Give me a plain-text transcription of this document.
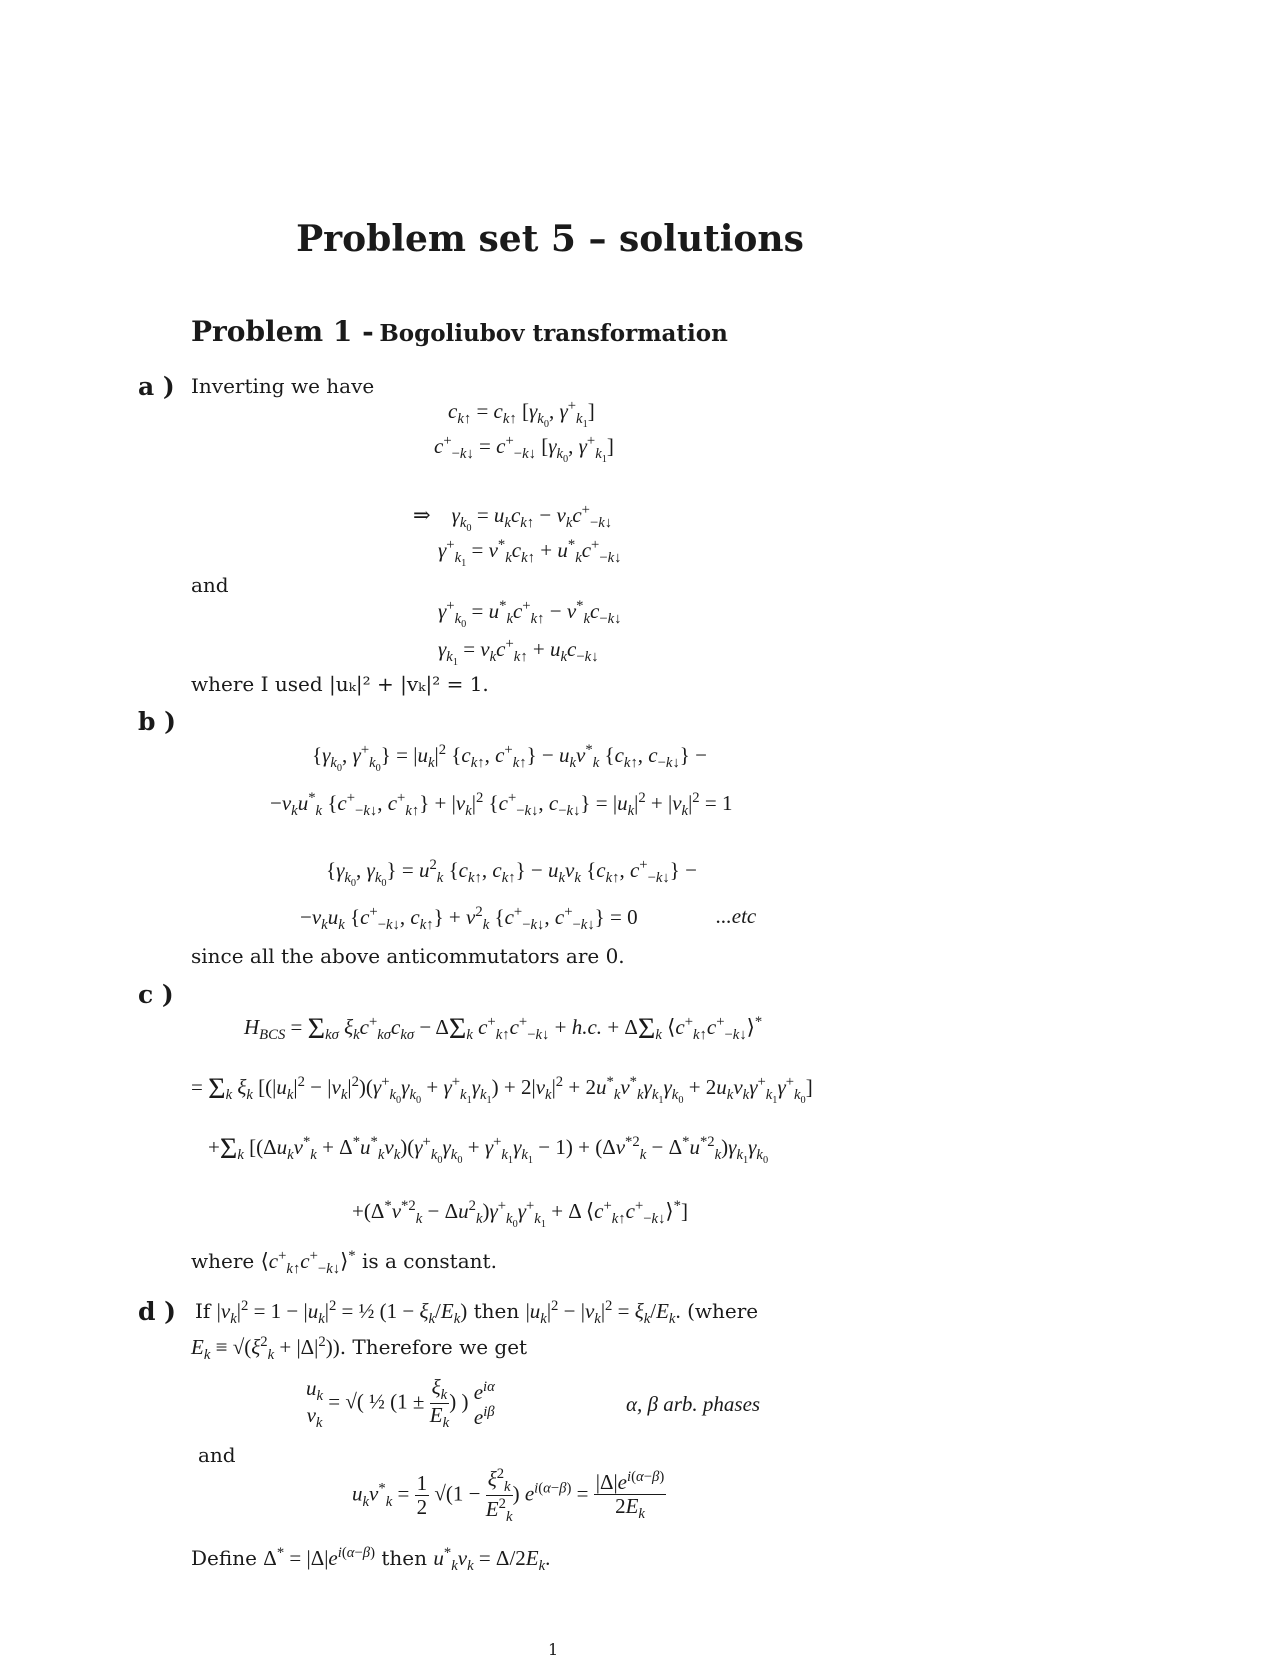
Problem set 5 – solutions
Problem 1 - Bogoliubov transformation
a ) Inverting we have
$c_{k↑} = c_{k↑}$ [$\gamma_{k_0}$, $\gamma^+_{k_1}$]
$c^+_{-k↓} = c^+_{-k↓}$ [$\gamma_{k_0}$, $\gamma^+_{k_1}$]
⇒    $\gamma_{k_0} = u_kc_{k↑} - v_kc^+_{-k↓}$
$\gamma^+_{k_1} = v^*_kc_{k↑} + u^*_kc^+_{-k↓}$
and
$\gamma^+_{k_0} = u^*_kc^+_{k↑} - v^*_kc_{-k↓}$
$\gamma_{k_1} = v_kc^+_{k↑} + u_kc_{-k↓}$
where I used |uₖ|² + |vₖ|² = 1.
b )
{$\gamma_{k_0}$, $\gamma^+_{k_0}\} = |u_k|^2$ {$c_{k↑}$, $c^+_{k↑}\} - u_kv^*_k$ {$c_{k↑}$, $c_{-k↓}$} −
$-v_ku^*_k$ {$c^+_{-k↓}$, $c^+_{k↑}\} + |v_k|^2$ {$c^+_{-k↓}$, $c_{-k↓}\} = |u_k|^2 + |v_k|^2 = 1$
{$\gamma_{k_0}$, $\gamma_{k_0}\} = u^2_k$ {$c_{k↑}$, $c_{k↑}\} - u_kv_k$ {$c_{k↑}$, $c^+_{-k↓}$} −
$-v_ku_k$ {$c^+_{-k↓}$, $c_{k↑}\} + v^2_k$ {$c^+_{-k↓}$, $c^+_{-k↓}\} = 0$	...etc
since all the above anticommutators are 0.
c )
$H_{BCS} = \Sigma_{k\sigma}$ $\xi_kc^+_{k\sigma}c_{k\sigma} - \Delta\Sigma_k$ $c^+_{k↑}c^+_{-k↓} + h.c$. + $\Delta\Sigma_k$ $⟨c^+_{k↑}c^+_{-k↓}⟩^*$
= $\Sigma_k$ $\xi_k$ $[(|u_k|^2 - |v_k|^2)(\gamma^+_{k_0}\gamma_{k_0} + \gamma^+_{k_1}\gamma_{k_1}) + 2|v_k|^2 + 2u^*_kv^*_k\gamma_{k_1}\gamma_{k_0} + 2u_kv_k\gamma^+_{k_1}\gamma^+_{k_0}]$
$+\Sigma_k$ [$(\Delta u_kv^*_k + \Delta^*u^*_kv_k)(\gamma^+_{k_0}\gamma_{k_0} + \gamma^+_{k_1}\gamma_{k_1} - 1) + (\Delta v^{*2}_k - \Delta^*u^{*2}_k)\gamma_{k_1}\gamma_{k_0}$
$+(\Delta^*v^{*2}_k - \Delta u^2_k)\gamma^+_{k_0}\gamma^+_{k_1} + \Delta$ $⟨c^+_{k↑}c^+_{-k↓}⟩^*$]
where $⟨c^+_{k↑}c^+_{-k↓}⟩^*$ is a constant.
d ) If $|v_k|^2 = 1 - |u_k|^2$ = ½ $(1 - \xi_k/E_k)$ then $|u_k|^2 - |v_k|^2 = \xi_k/E_k$. (where
$E_k \equiv √(\xi^2_k + |\Delta|^2)$). Therefore we get
$u_k$
$v_k$
= √( ½ ($1 \pm \frac{\xi_k}{E_k}$ ) ) $e^{i\alpha}$
$e^{i\beta}$	α, β arb. phases
and
$u_kv^*_k = \frac{1}{2} √(1 - \frac{\xi^2_k}{E^2_k}$ ) $e^{i(\alpha-\beta)} = \frac{|\Delta|e^{i(\alpha-\beta)}}{2E_k}$
Define $\Delta^* = |\Delta|e^{i(\alpha-\beta)}$ then $u^*_kv_k = \Delta/2E_k$.
1
